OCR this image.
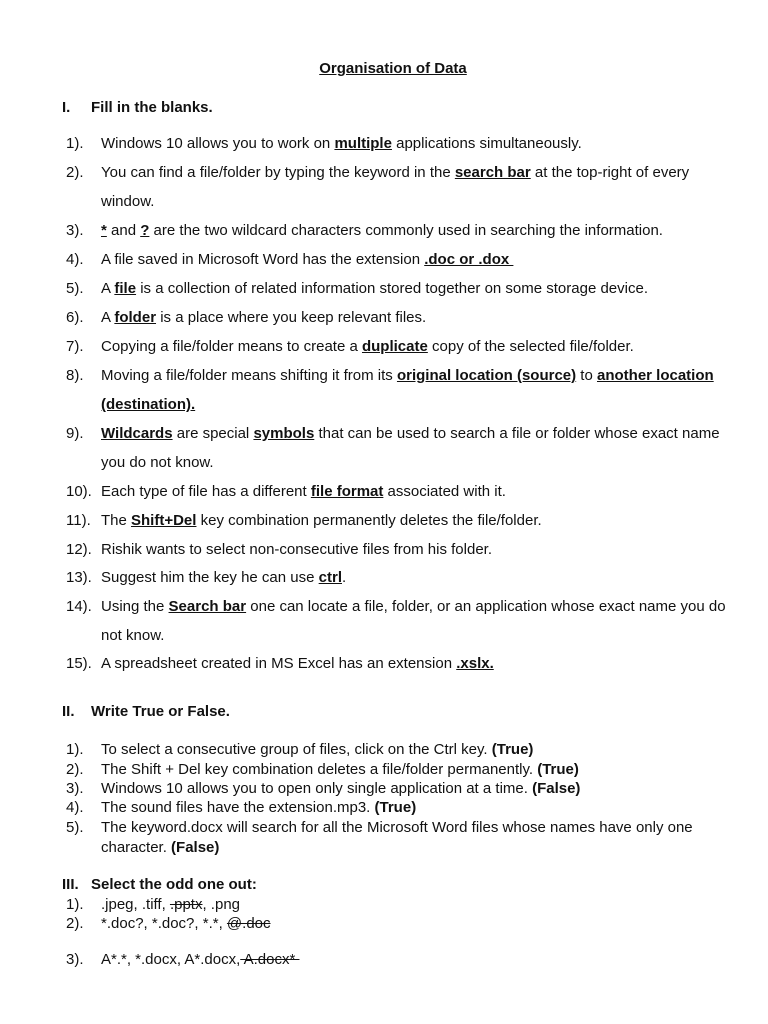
Organisation of Data
I. Fill in the blanks.
1).	Windows 10 allows you to work on multiple applications simultaneously.
2).	You can find a file/folder by typing the keyword in the search bar at the top-right of every window.
3).	* and ? are the two wildcard characters commonly used in searching the information.
4).	A file saved in Microsoft Word has the extension .doc or .dox
5).	A file is a collection of related information stored together on some storage device.
6).	A folder is a place where you keep relevant files.
7).	Copying a file/folder means to create a duplicate copy of the selected file/folder.
8).	Moving a file/folder means shifting it from its original location (source) to another location (destination).
9).	Wildcards are special symbols that can be used to search a file or folder whose exact name you do not know.
10). Each type of file has a different file format associated with it.
11). The Shift+Del key combination permanently deletes the file/folder.
12). Rishik wants to select non-consecutive files from his folder.
13). Suggest him the key he can use ctrl.
14). Using the Search bar one can locate a file, folder, or an application whose exact name you do not know.
15). A spreadsheet created in MS Excel has an extension .xslx.
II. Write True or False.
1).	To select a consecutive group of files, click on the Ctrl key. (True)
2).	The Shift + Del key combination deletes a file/folder permanently. (True)
3).	Windows 10 allows you to open only single application at a time. (False)
4).	The sound files have the extension.mp3. (True)
5).	The keyword.docx will search for all the Microsoft Word files whose names have only one character. (False)
III. Select the odd one out:
1).	.jpeg, .tiff, .pptx, .png
2).	*.doc?, *.doc?, *.*, @.doc
3).	A*.*, *.docx, A*.docx, A.docx*
